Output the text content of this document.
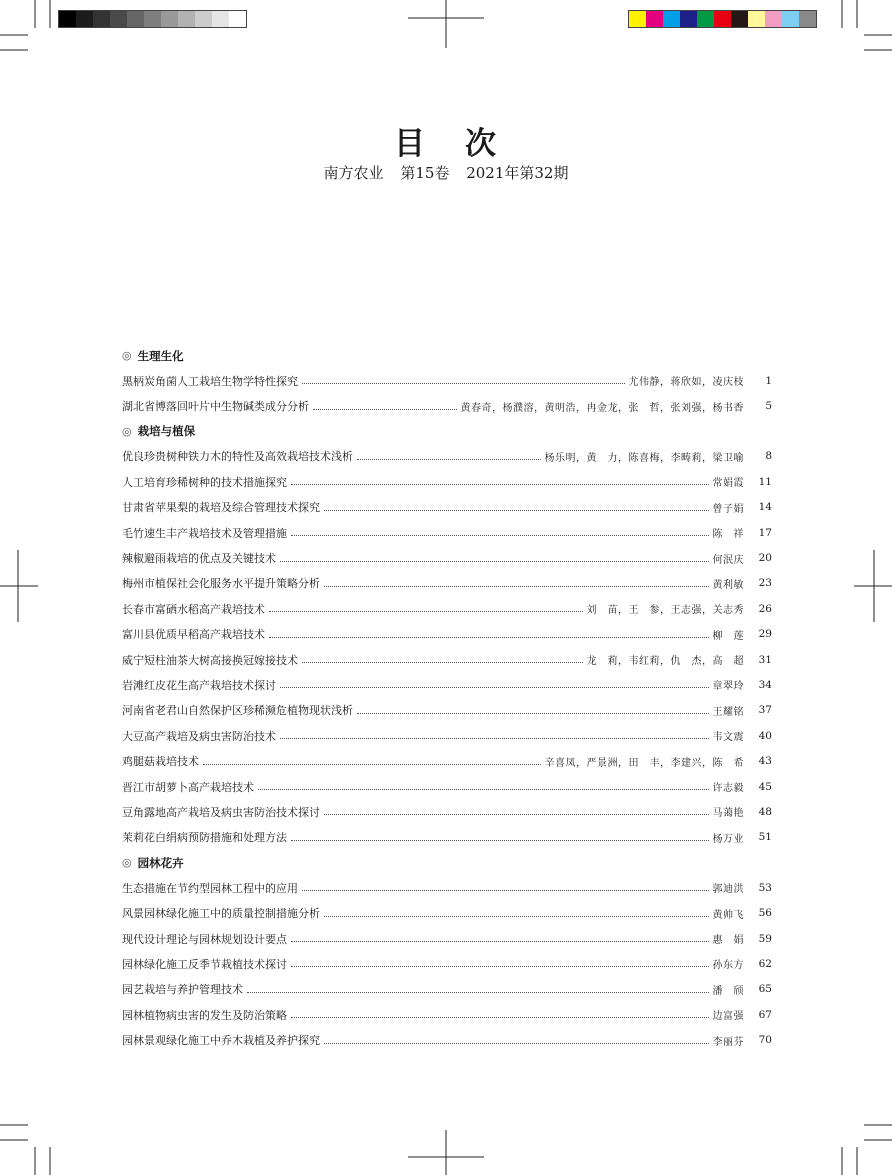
目 次
南方农业 第15卷 2021年第32期
◎ 生理生化
黑柄炭角菌人工栽培生物学特性探究	尤伟静，蒋欣如，凌庆枝	1
湖北省博落回叶片中生物碱类成分分析	黄春奇，杨濮溶，黄明浩，冉金龙，张　哲，张刘强，杨书香	5
◎ 栽培与植保
优良珍贵树种铁力木的特性及高效栽培技术浅析	杨乐明，黄　力，陈喜梅，李畴莉，梁卫喻	8
人工培育珍稀树种的技术措施探究	常娟霞	11
甘肃省苹果梨的栽培及综合管理技术探究	曾子娟	14
毛竹速生丰产栽培技术及管理措施	陈　祥	17
辣椒避雨栽培的优点及关键技术	何泯庆	20
梅州市植保社会化服务水平提升策略分析	黄利敏	23
长春市富硒水稻高产栽培技术	刘　苗，王　参，王志强，关志秀	26
富川县优质早稻高产栽培技术	柳　莲	29
威宁短柱油茶大树高接换冠嫁接技术	龙　莉，韦红莉，仇　杰，高　超	31
岩滩红皮花生高产栽培技术探讨	章翠玲	34
河南省老君山自然保护区珍稀濒危植物现状浅析	王耀铭	37
大豆高产栽培及病虫害防治技术	韦文震	40
鸡腿菇栽培技术	辛喜凤，严景洲，田　丰，李建兴，陈　希	43
晋江市胡萝卜高产栽培技术	许志毅	45
豆角露地高产栽培及病虫害防治技术探讨	马蔼艳	48
茉莉花白绢病预防措施和处理方法	杨万业	51
◎ 园林花卉
生态措施在节约型园林工程中的应用	郭迪洪	53
风景园林绿化施工中的质量控制措施分析	黄帅飞	56
现代设计理论与园林规划设计要点	惠　娟	59
园林绿化施工反季节栽植技术探讨	孙东方	62
园艺栽培与养护管理技术	潘　颀	65
园林植物病虫害的发生及防治策略	边富强	67
园林景观绿化施工中乔木栽植及养护探究	李丽芬	70
